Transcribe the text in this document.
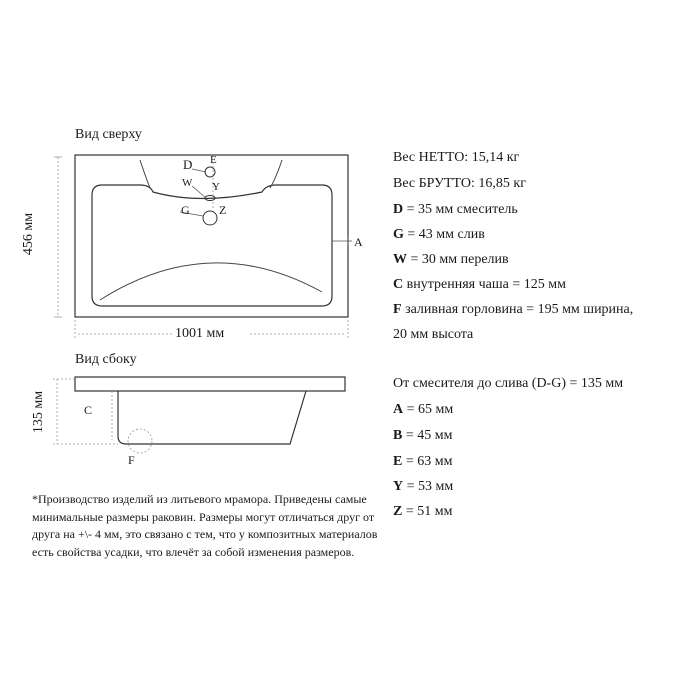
Вид сверху
456 мм
1001 мм
D E
W Y
G Z
A
Вид сбоку
135 мм	C
F
Вес НЕТТО: 15,14 кг
Вес БРУТТО: 16,85 кг
D = 35 мм смеситель
G = 43 мм слив
W = 30 мм перелив
C внутренняя чаша = 125 мм
F заливная горловина = 195 мм ширина,
20 мм высота
От смесителя до слива (D-G) = 135 мм
A = 65 мм
B = 45 мм
E = 63 мм
Y = 53 мм
Z = 51 мм
*Производство изделий из литьевого мрамора. Приведены самые минимальные размеры раковин. Размеры могут отличаться друг от друга на +\- 4 мм, это связано с тем, что у композитных материалов есть свойства усадки, что влечёт за собой изменения размеров.
